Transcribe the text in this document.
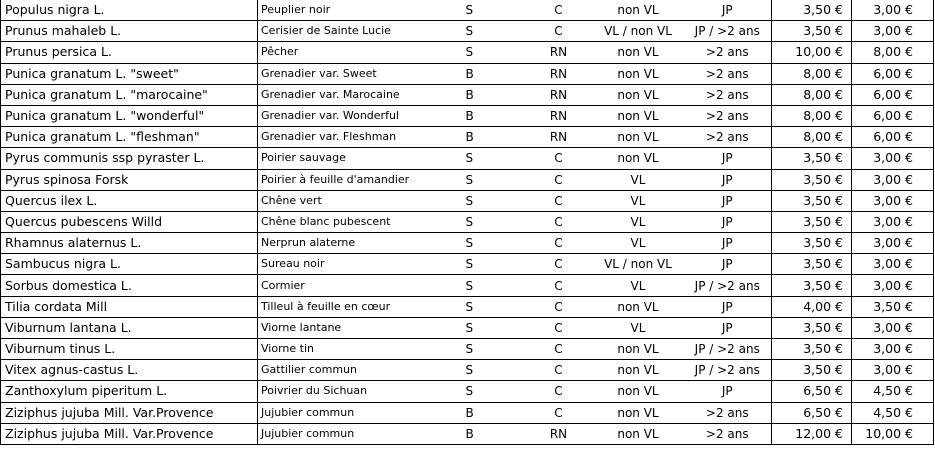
Populus nigra L.	Peuplier noir	S	C	non VL	JP	3,50 €	3,00 €
Prunus mahaleb L.	Cerisier de Sainte Lucie	S	C	VL / non VL	JP / >2 ans	3,50 €	3,00 €
Prunus persica L.	Pêcher	S	RN	non VL	>2 ans	10,00 €	8,00 €
Punica granatum L. "sweet"	Grenadier var. Sweet	B	RN	non VL	>2 ans	8,00 €	6,00 €
Punica granatum L. "marocaine"	Grenadier var. Marocaine	B	RN	non VL	>2 ans	8,00 €	6,00 €
Punica granatum L. "wonderful"	Grenadier var. Wonderful	B	RN	non VL	>2 ans	8,00 €	6,00 €
Punica granatum L. "fleshman"	Grenadier var. Fleshman	B	RN	non VL	>2 ans	8,00 €	6,00 €
Pyrus communis ssp pyraster L.	Poirier sauvage	S	C	non VL	JP	3,50 €	3,00 €
Pyrus spinosa Forsk	Poirier à feuille d'amandier	S	C	VL	JP	3,50 €	3,00 €
Quercus ilex L.	Chêne vert	S	C	VL	JP	3,50 €	3,00 €
Quercus pubescens Willd	Chêne blanc pubescent	S	C	VL	JP	3,50 €	3,00 €
Rhamnus alaternus L.	Nerprun alaterne	S	C	VL	JP	3,50 €	3,00 €
Sambucus nigra L.	Sureau noir	S	C	VL / non VL	JP	3,50 €	3,00 €
Sorbus domestica L.	Cormier	S	C	VL	JP / >2 ans	3,50 €	3,00 €
Tilia cordata Mill	Tilleul à feuille en cœur	S	C	non VL	JP	4,00 €	3,50 €
Viburnum lantana L.	Viorne lantane	S	C	VL	JP	3,50 €	3,00 €
Viburnum tinus L.	Viorne tin	S	C	non VL	JP / >2 ans	3,50 €	3,00 €
Vitex agnus-castus L.	Gattilier commun	S	C	non VL	JP / >2 ans	3,50 €	3,00 €
Zanthoxylum piperitum L.	Poivrier du Sichuan	S	C	non VL	JP	6,50 €	4,50 €
Ziziphus jujuba Mill. Var.Provence	Jujubier commun	B	C	non VL	>2 ans	6,50 €	4,50 €
Ziziphus jujuba Mill. Var.Provence	Jujubier commun	B	RN	non VL	>2 ans	12,00 €	10,00 €
